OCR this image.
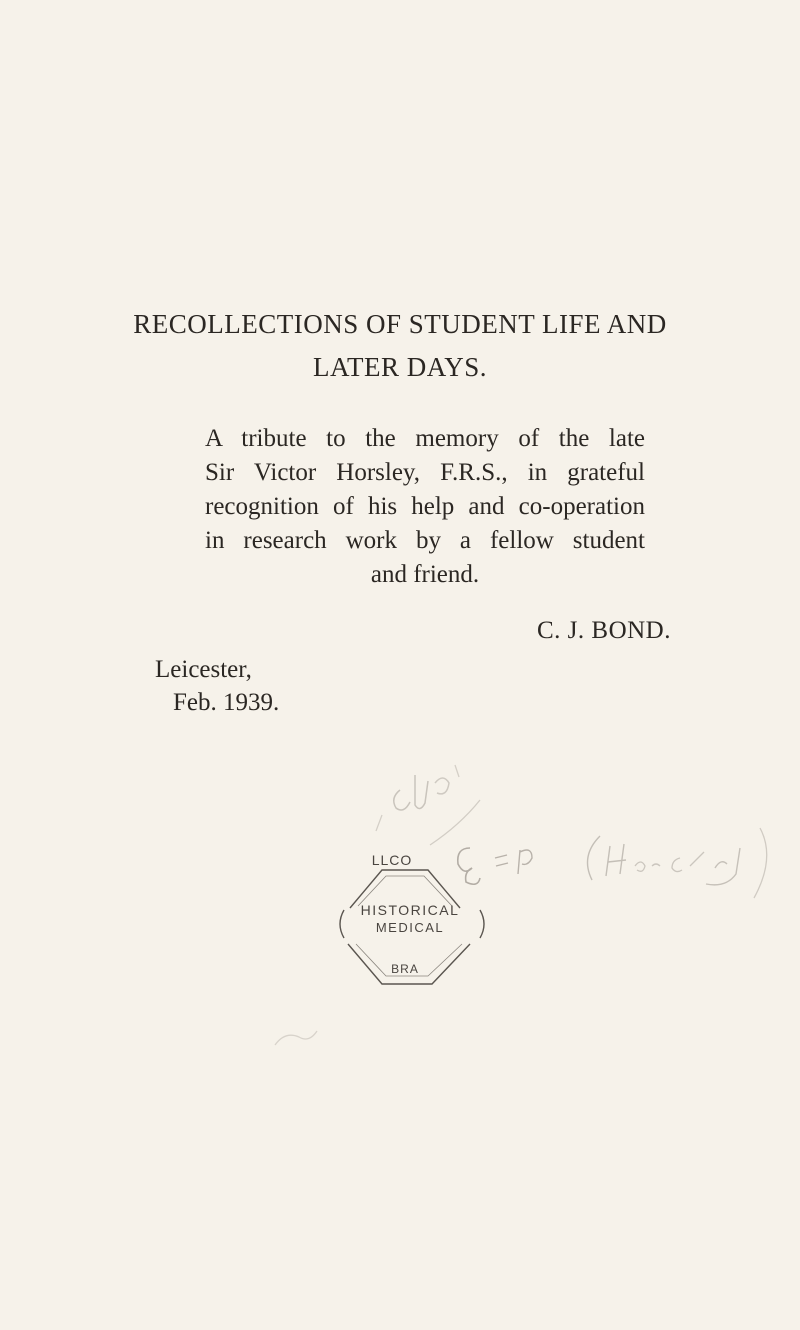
RECOLLECTIONS OF STUDENT LIFE AND
LATER DAYS.
A tribute to the memory of the late
Sir Victor Horsley, F.R.S., in grateful
recognition of his help and co-operation
in research work by a fellow student
and friend.
C. J. BOND.
Leicester,
Feb. 1939.
LLCO
HISTORICAL
MEDICAL
BRA
